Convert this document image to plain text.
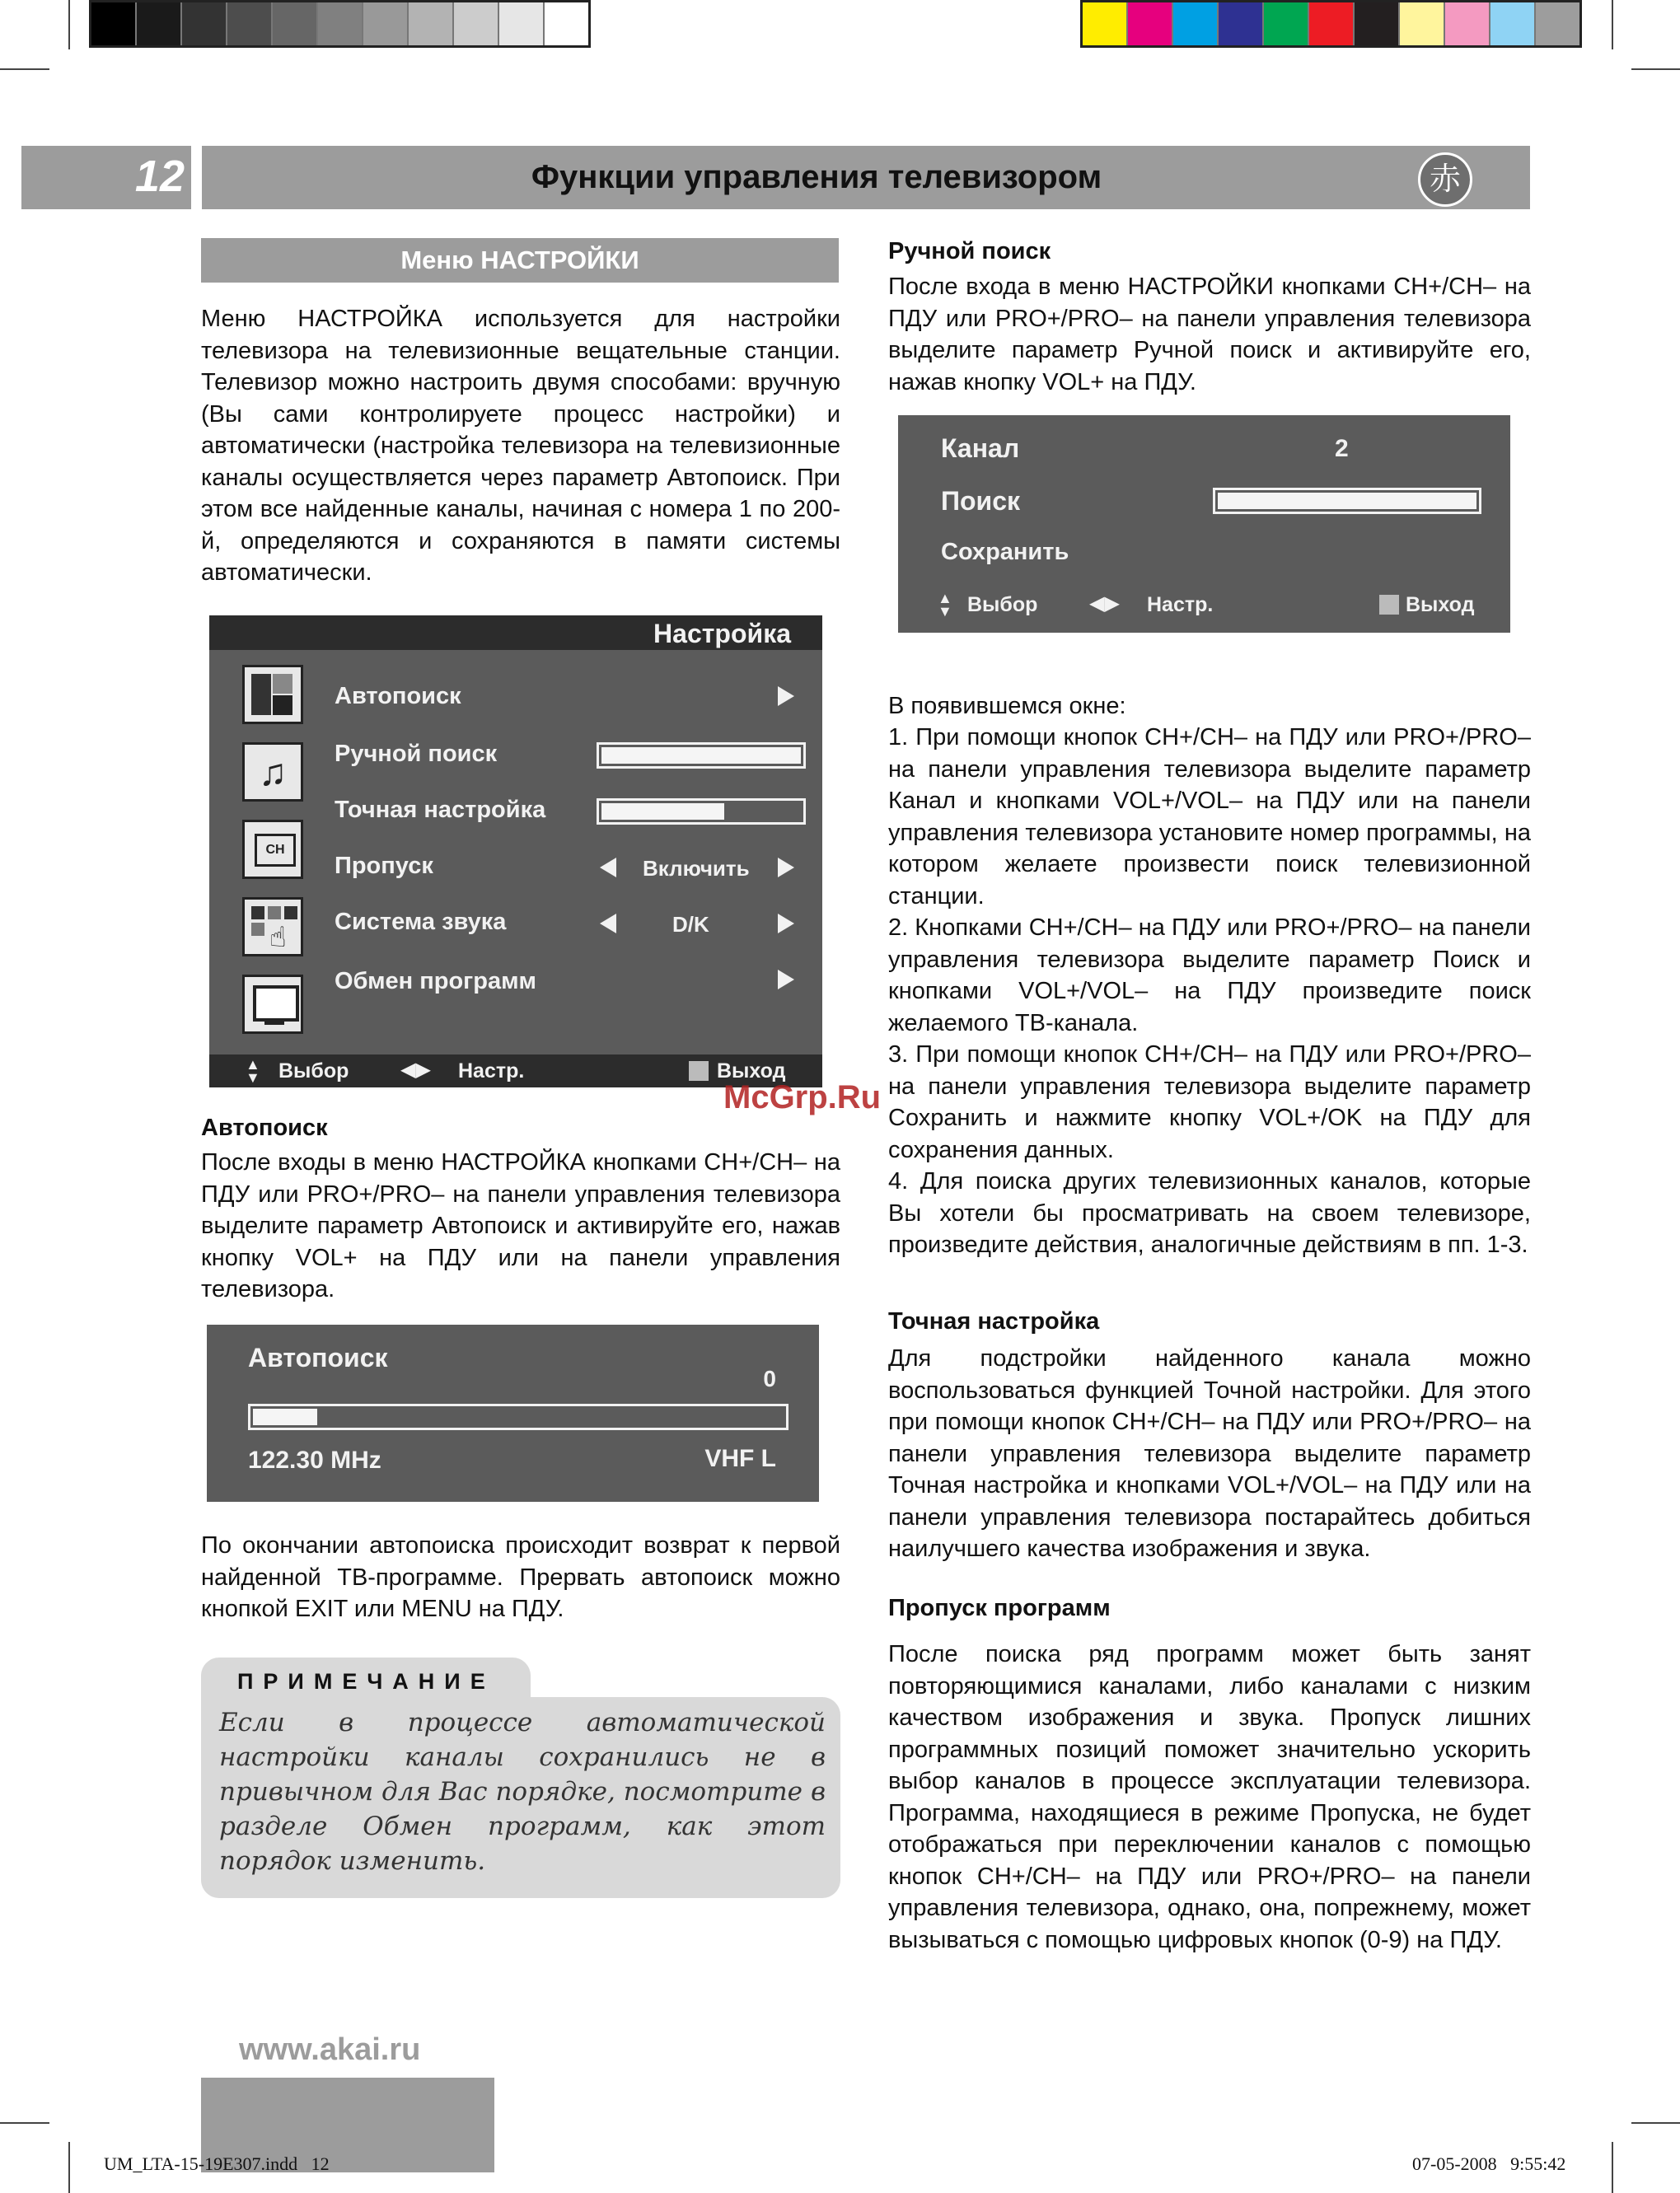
12	Функции управления телевизором	赤
Меню НАСТРОЙКИ

Меню НАСТРОЙКА используется для настройки телевизора на телевизионные вещательные станции. Телевизор можно настроить двумя способами: вручную (Вы сами контролируете процесс настройки) и автоматически (настройка телевизора на телевизионные каналы осуществляется через параметр Автопоиск. При этом все найденные каналы, начиная с номера 1 по 200-й, определяются и сохраняются в памяти системы автоматически.

Настройка
♫
CH
☝
Автопоиск
Ручной поиск
Точная настройка
Пропуск
Система звука
Обмен программ
Включить
D/K
▲
▼ Выбор	◀▶ Настр.	Выход
Автопоиск

После входы в меню НАСТРОЙКА кнопками CH+/CH– на ПДУ или PRO+/PRO– на панели управления телевизора выделите параметр Автопоиск и активируйте его, нажав кнопку VOL+ на ПДУ или на панели управления телевизора.

Автопоиск
0
122.30 MHz	VHF L

По окончании автопоиска происходит возврат к первой найденной ТВ-программе. Прервать автопоиск можно кнопкой EXIT или MENU на ПДУ.

ПРИМЕЧАНИЕ

Если в процессе автоматической настройки каналы сохранились не в привычном для Вас порядке, посмотрите в разделе Обмен программ, как этот порядок изменить.

www.akai.ru
Ручной поиск

После входа в меню НАСТРОЙКИ кнопками CH+/CH– на ПДУ или PRO+/PRO– на панели управления телевизора выделите параметр Ручной поиск и активируйте его, нажав кнопку VOL+ на ПДУ.

Канал	2
Поиск
Сохранить
▲
▼ Выбор	◀▶ Настр.	Выход

В появившемся окне:

1. При помощи кнопок CH+/CH– на ПДУ или PRO+/PRO– на панели управления телевизора выделите параметр Канал и кнопками VOL+/VOL– на ПДУ или на панели управления телевизора установите номер программы, на котором желаете произвести поиск телевизионной станции.

2. Кнопками CH+/CH– на ПДУ или PRO+/PRO– на панели управления телевизора выделите параметр Поиск и кнопками VOL+/VOL– на ПДУ произведите поиск желаемого ТВ-канала.

3. При помощи кнопок CH+/CH– на ПДУ или PRO+/PRO– на панели управления телевизора выделите параметр Сохранить и нажмите кнопку VOL+/OK на ПДУ для сохранения данных.

4. Для поиска других телевизионных каналов, которые Вы хотели бы просматривать на своем телевизоре, произведите действия, аналогичные действиям в пп. 1-3.

Точная настройка

Для подстройки найденного канала можно воспользоваться функцией Точной настройки. Для этого при помощи кнопок CH+/CH– на ПДУ или PRO+/PRO– на панели управления телевизора выделите параметр Точная настройка и кнопками VOL+/VOL– на ПДУ или на панели управления телевизора постарайтесь добиться наилучшего качества изображения и звука.

Пропуск программ

После поиска ряд программ может быть занят повторяющимися каналами, либо каналами с низким качеством изображения и звука. Пропуск лишних программных позиций поможет значительно ускорить выбор каналов в процессе эксплуатации телевизора. Программа, находящиеся в режиме Пропуска, не будет отображаться при переключении каналов с помощью кнопок CH+/CH– на ПДУ или PRO+/PRO– на панели управления телевизора, однако, она, попрежнему, может вызываться с помощью цифровых кнопок (0-9) на ПДУ.

McGrp.Ru
UM_LTA-15-19E307.indd   12	07-05-2008   9:55:42
